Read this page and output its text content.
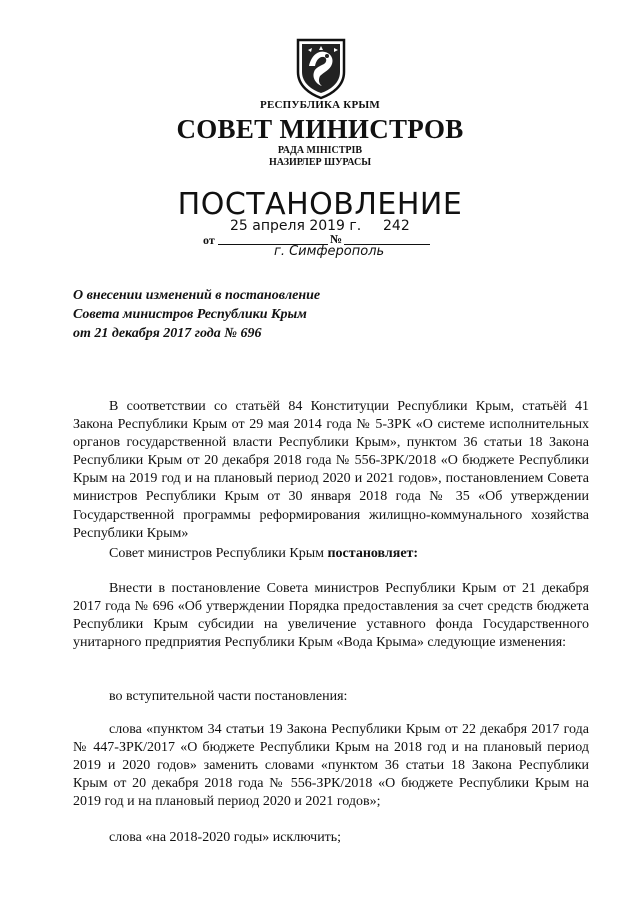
РЕСПУБЛИКА КРЫМ
СОВЕТ МИНИСТРОВ
РАДА МІНІСТРІВ
НАЗИРЛЕР ШУРАСЫ
ПОСТАНОВЛЕНИЕ
25 апреля 2019 г. 242
от	№
г. Симферополь
О внесении изменений в постановление
Совета министров Республики Крым
от 21 декабря 2017 года № 696

В соответствии со статьёй 84 Конституции Республики Крым, статьёй 41 Закона Республики Крым от 29 мая 2014 года № 5-ЗРК «О системе исполнительных органов государственной власти Республики Крым», пунктом 36 статьи 18 Закона Республики Крым от 20 декабря 2018 года № 556-ЗРК/2018 «О бюджете Республики Крым на 2019 год и на плановый период 2020 и 2021 годов», постановлением Совета министров Республики Крым от 30 января 2018 года № 35 «Об утверждении Государственной программы реформирования жилищно-коммунального хозяйства Республики Крым»

Совет министров Республики Крым постановляет:

Внести в постановление Совета министров Республики Крым от 21 декабря 2017 года № 696 «Об утверждении Порядка предоставления за счет средств бюджета Республики Крым субсидии на увеличение уставного фонда Государственного унитарного предприятия Республики Крым «Вода Крыма» следующие изменения:

во вступительной части постановления:

слова «пунктом 34 статьи 19 Закона Республики Крым от 22 декабря 2017 года № 447-ЗРК/2017 «О бюджете Республики Крым на 2018 год и на плановый период 2019 и 2020 годов» заменить словами «пунктом 36 статьи 18 Закона Республики Крым от 20 декабря 2018 года № 556-ЗРК/2018 «О бюджете Республики Крым на 2019 год и на плановый период 2020 и 2021 годов»;

слова «на 2018-2020 годы» исключить;
